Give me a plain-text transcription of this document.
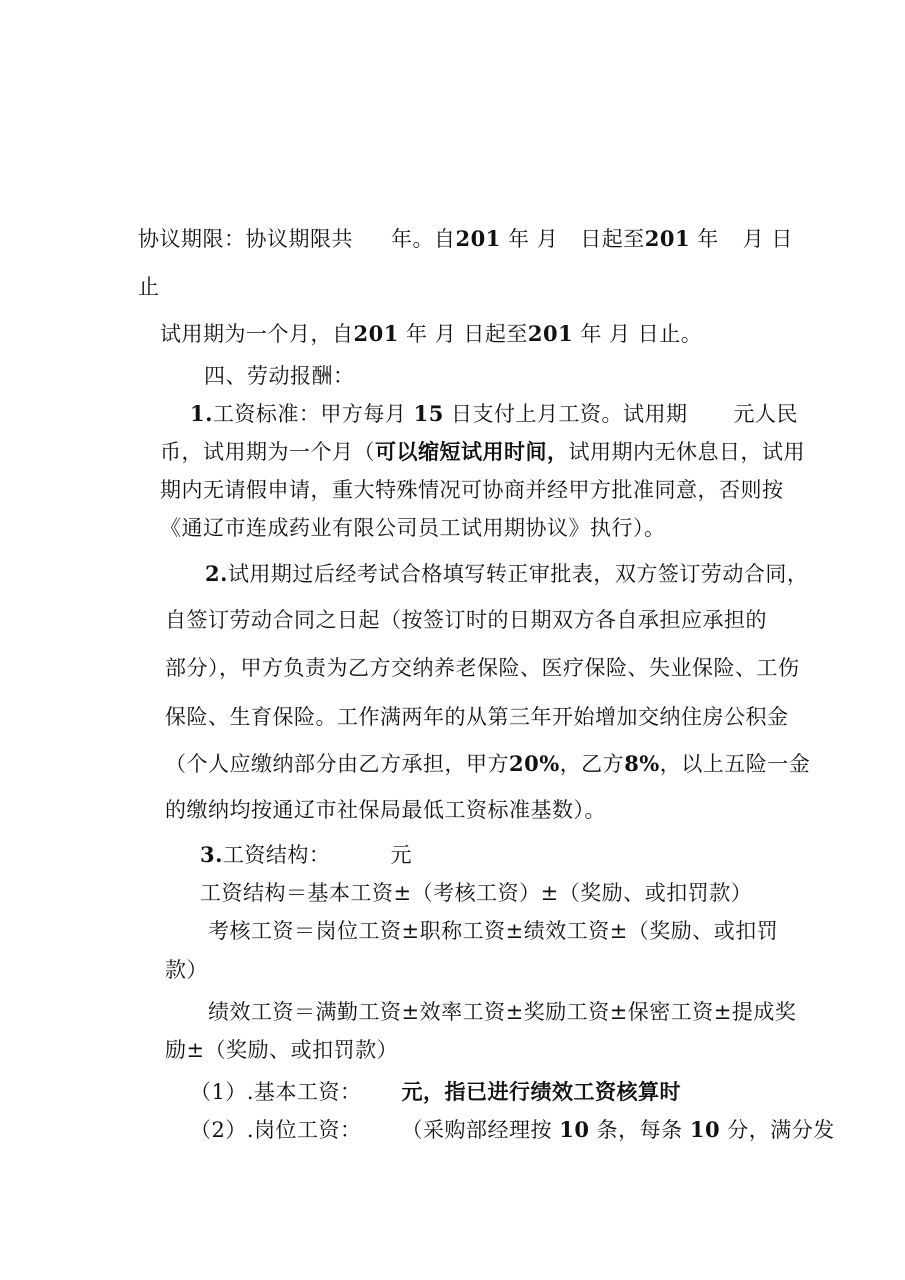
协议期限：协议期限共 年。自201 年 月 日起至201 年 月 日
止
试用期为一个月，自201 年 月 日起至201 年 月 日止。
四、劳动报酬：
1.工资标准：甲方每月 15 日支付上月工资。试用期 元人民
币，试用期为一个月（可以缩短试用时间，试用期内无休息日，试用
期内无请假申请，重大特殊情况可协商并经甲方批准同意，否则按
《通辽市连成药业有限公司员工试用期协议》执行）。
2.试用期过后经考试合格填写转正审批表，双方签订劳动合同，
自签订劳动合同之日起（按签订时的日期双方各自承担应承担的
部分），甲方负责为乙方交纳养老保险、医疗保险、失业保险、工伤
保险、生育保险。工作满两年的从第三年开始增加交纳住房公积金
（个人应缴纳部分由乙方承担，甲方20%，乙方8%，以上五险一金
的缴纳均按通辽市社保局最低工资标准基数）。
3.工资结构：	元
工资结构＝基本工资±（考核工资）±（奖励、或扣罚款）
考核工资＝岗位工资±职称工资±绩效工资±（奖励、或扣罚
款）
绩效工资＝满勤工资±效率工资±奖励工资±保密工资±提成奖
励±（奖励、或扣罚款）
（1）.基本工资： 元，指已进行绩效工资核算时
（2）.岗位工资： （采购部经理按 10 条，每条 10 分，满分发
